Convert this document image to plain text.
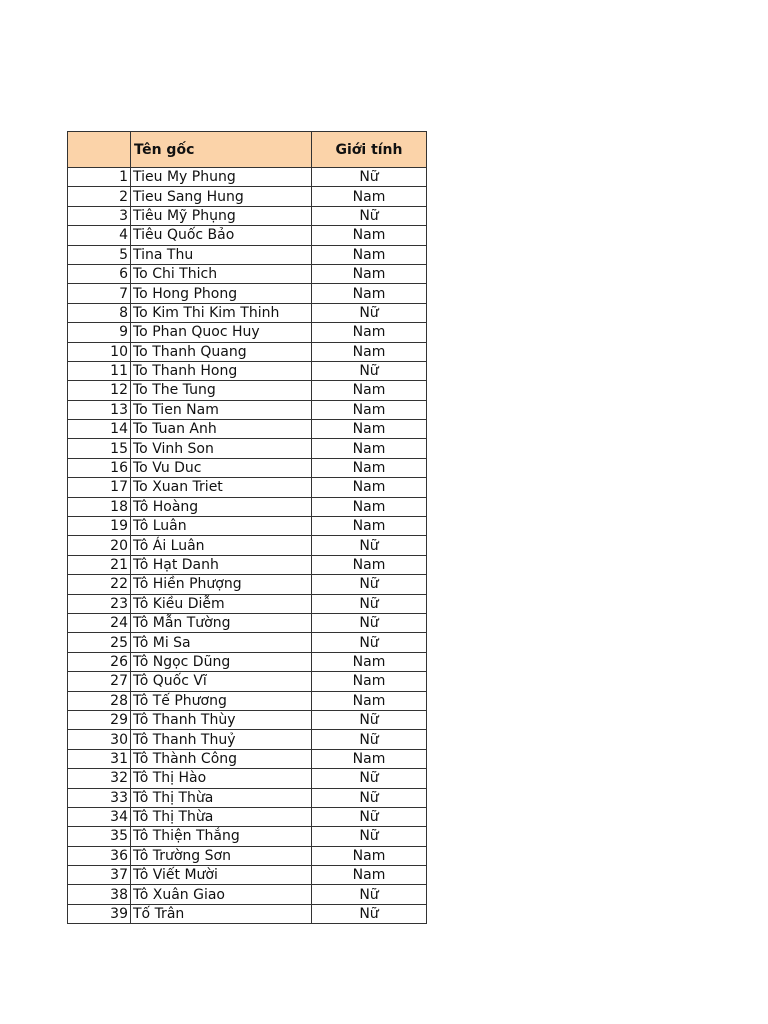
	Tên gốc	Giới tính
1	Tieu My Phung	Nữ
2	Tieu Sang Hung	Nam
3	Tiêu Mỹ Phụng	Nữ
4	Tiêu Quốc Bảo	Nam
5	Tina Thu	Nam
6	To Chi Thich	Nam
7	To Hong Phong	Nam
8	To Kim Thi Kim Thinh	Nữ
9	To Phan Quoc Huy	Nam
10	To Thanh Quang	Nam
11	To Thanh Hong	Nữ
12	To The Tung	Nam
13	To Tien Nam	Nam
14	To Tuan Anh	Nam
15	To Vinh Son	Nam
16	To Vu Duc	Nam
17	To Xuan Triet	Nam
18	Tô Hoàng	Nam
19	Tô Luân	Nam
20	Tô Ái Luân	Nữ
21	Tô Hạt Danh	Nam
22	Tô Hiền Phượng	Nữ
23	Tô Kiều Diễm	Nữ
24	Tô Mẫn Tường	Nữ
25	Tô Mi Sa	Nữ
26	Tô Ngọc Dũng	Nam
27	Tô Quốc Vĩ	Nam
28	Tô Tế Phương	Nam
29	Tô Thanh Thùy	Nữ
30	Tô Thanh Thuỷ	Nữ
31	Tô Thành Công	Nam
32	Tô Thị Hào	Nữ
33	Tô Thị Thừa	Nữ
34	Tô Thị Thừa	Nữ
35	Tô Thiện Thắng	Nữ
36	Tô Trường Sơn	Nam
37	Tô Viết Mười	Nam
38	Tô Xuân Giao	Nữ
39	Tố Trân	Nữ
